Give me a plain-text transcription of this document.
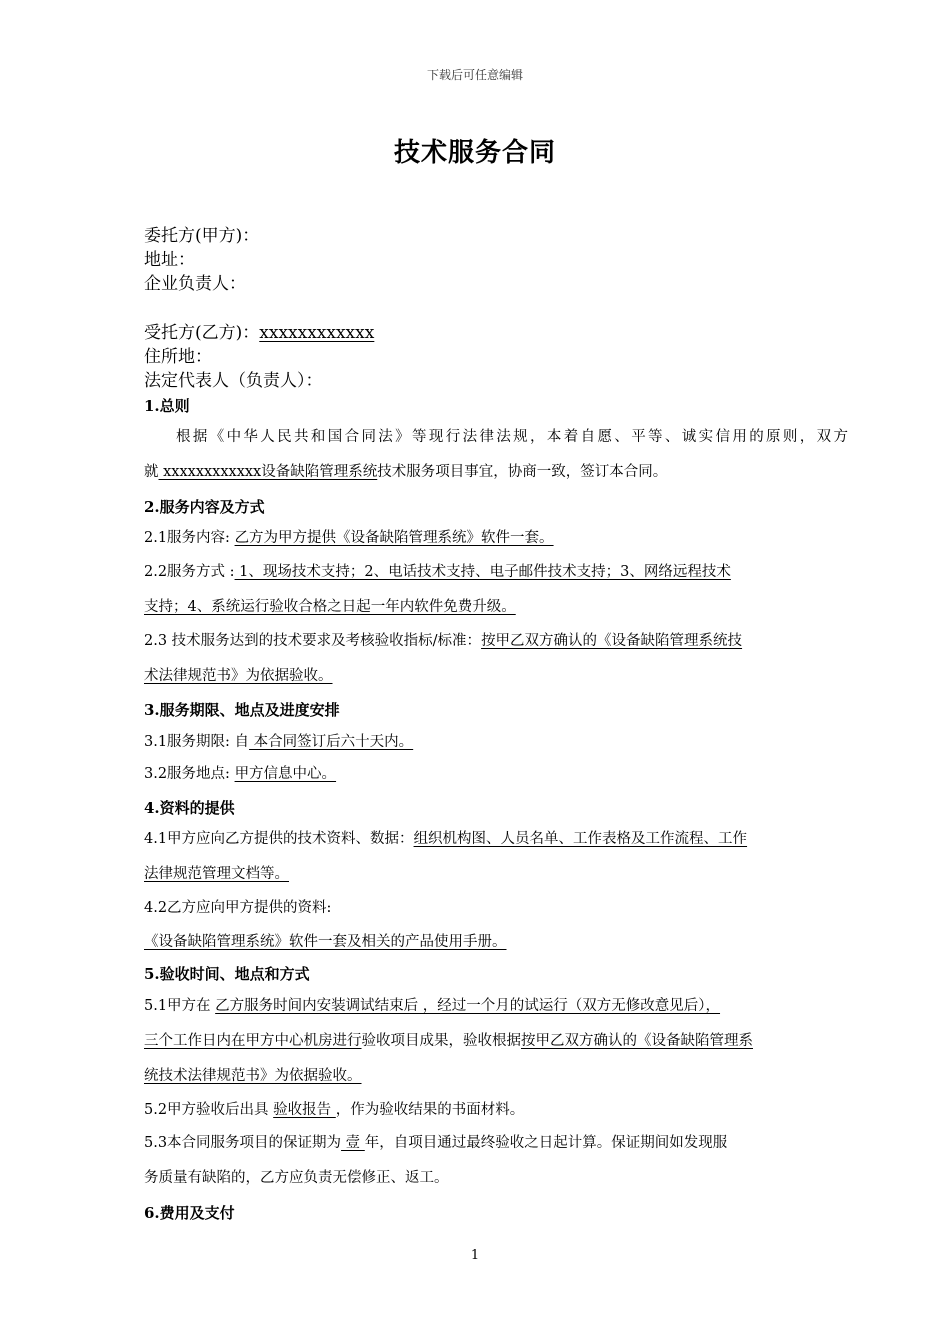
下载后可任意编辑
技术服务合同
委托方(甲方)：
地址：
企业负责人：
受托方(乙方)：xxxxxxxxxxxx
住所地：
法定代表人（负责人）：
1.总则
根据《中华人民共和国合同法》等现行法律法规，本着自愿、平等、诚实信用的原则，双方
就 xxxxxxxxxxxx设备缺陷管理系统技术服务项目事宜，协商一致，签订本合同。
2.服务内容及方式
2.1服务内容: 乙方为甲方提供《设备缺陷管理系统》软件一套。
2.2服务方式 : 1、现场技术支持；2、电话技术支持、电子邮件技术支持；3、网络远程技术
支持；4、系统运行验收合格之日起一年内软件免费升级。
2.3 技术服务达到的技术要求及考核验收指标/标准：按甲乙双方确认的《设备缺陷管理系统技
术法律规范书》为依据验收。
3.服务期限、地点及进度安排
3.1服务期限: 自 本合同签订后六十天内。
3.2服务地点: 甲方信息中心。
4.资料的提供
4.1甲方应向乙方提供的技术资料、数据：组织机构图、人员名单、工作表格及工作流程、工作
法律规范管理文档等。
4.2乙方应向甲方提供的资料:
《设备缺陷管理系统》软件一套及相关的产品使用手册。
5.验收时间、地点和方式
5.1甲方在 乙方服务时间内安装调试结束后 ，经过一个月的试运行（双方无修改意见后），
三个工作日内在甲方中心机房进行验收项目成果，验收根据按甲乙双方确认的《设备缺陷管理系
统技术法律规范书》为依据验收。
5.2甲方验收后出具 验收报告 ，作为验收结果的书面材料。
5.3本合同服务项目的保证期为 壹 年，自项目通过最终验收之日起计算。保证期间如发现服
务质量有缺陷的，乙方应负责无偿修正、返工。
6.费用及支付
1
